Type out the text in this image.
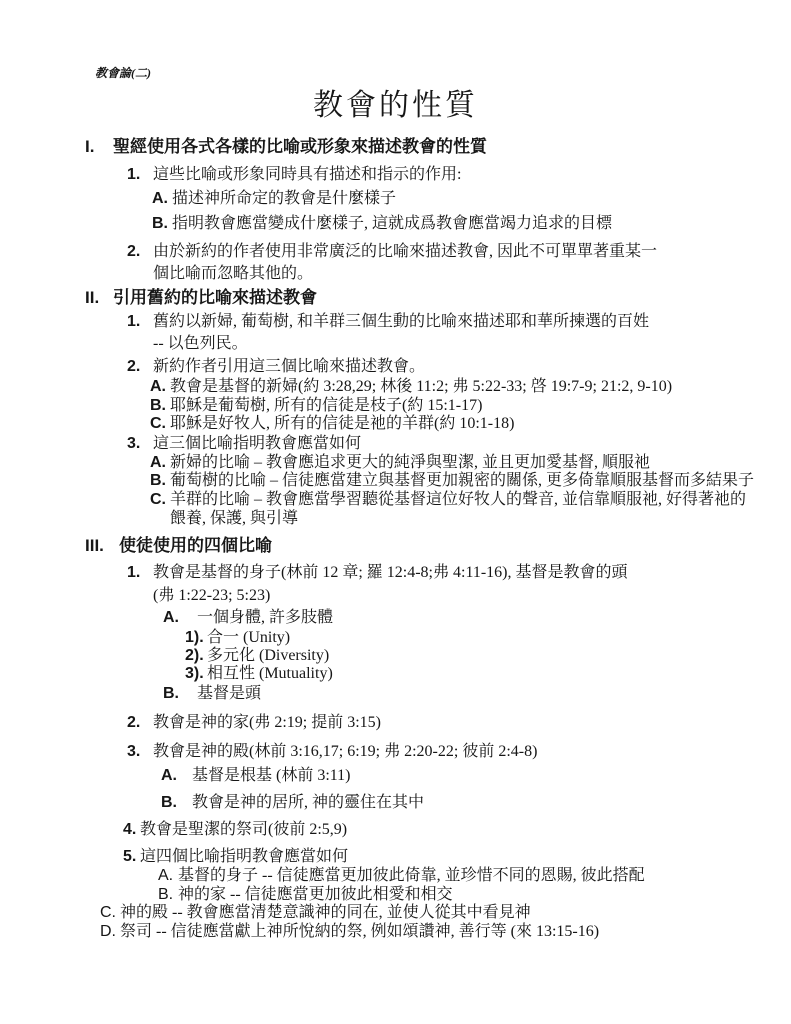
教會論(二)
教會的性質
I. 聖經使用各式各樣的比喻或形象來描述教會的性質
1. 這些比喻或形象同時具有描述和指示的作用:
A. 描述神所命定的教會是什麼樣子
B. 指明教會應當變成什麼樣子, 這就成爲教會應當竭力追求的目標
2. 由於新約的作者使用非常廣泛的比喻來描述教會, 因此不可單單著重某一
個比喻而忽略其他的。
II. 引用舊約的比喻來描述教會
1. 舊約以新婦, 葡萄樹, 和羊群三個生動的比喻來描述耶和華所揀選的百姓
-- 以色列民。
2. 新約作者引用這三個比喻來描述教會。
A. 教會是基督的新婦(約 3:28,29; 林後 11:2; 弗 5:22-33; 啓 19:7-9; 21:2, 9-10)
B. 耶穌是葡萄樹, 所有的信徒是枝子(約 15:1-17)
C. 耶穌是好牧人, 所有的信徒是祂的羊群(約 10:1-18)
3. 這三個比喻指明教會應當如何
A. 新婦的比喻 – 教會應追求更大的純淨與聖潔, 並且更加愛基督, 順服祂
B. 葡萄樹的比喻 – 信徒應當建立與基督更加親密的關係, 更多倚靠順服基督而多結果子
C. 羊群的比喻 – 教會應當學習聽從基督這位好牧人的聲音, 並信靠順服祂, 好得著祂的
餵養, 保護, 與引導
III. 使徒使用的四個比喻
1. 教會是基督的身子(林前 12 章; 羅 12:4-8;弗 4:11-16), 基督是教會的頭
(弗 1:22-23; 5:23)
A. 一個身體, 許多肢體
1). 合一 (Unity)
2). 多元化 (Diversity)
3). 相互性 (Mutuality)
B. 基督是頭
2. 教會是神的家(弗 2:19; 提前 3:15)
3. 教會是神的殿(林前 3:16,17; 6:19; 弗 2:20-22; 彼前 2:4-8)
A. 基督是根基 (林前 3:11)
B. 教會是神的居所, 神的靈住在其中
4. 教會是聖潔的祭司(彼前 2:5,9)
5. 這四個比喻指明教會應當如何
A. 基督的身子 -- 信徒應當更加彼此倚靠, 並珍惜不同的恩賜, 彼此搭配
B. 神的家 -- 信徒應當更加彼此相愛和相交
C. 神的殿 -- 教會應當清楚意識神的同在, 並使人從其中看見神
D. 祭司 -- 信徒應當獻上神所悅納的祭, 例如頌讚神, 善行等 (來 13:15-16)
